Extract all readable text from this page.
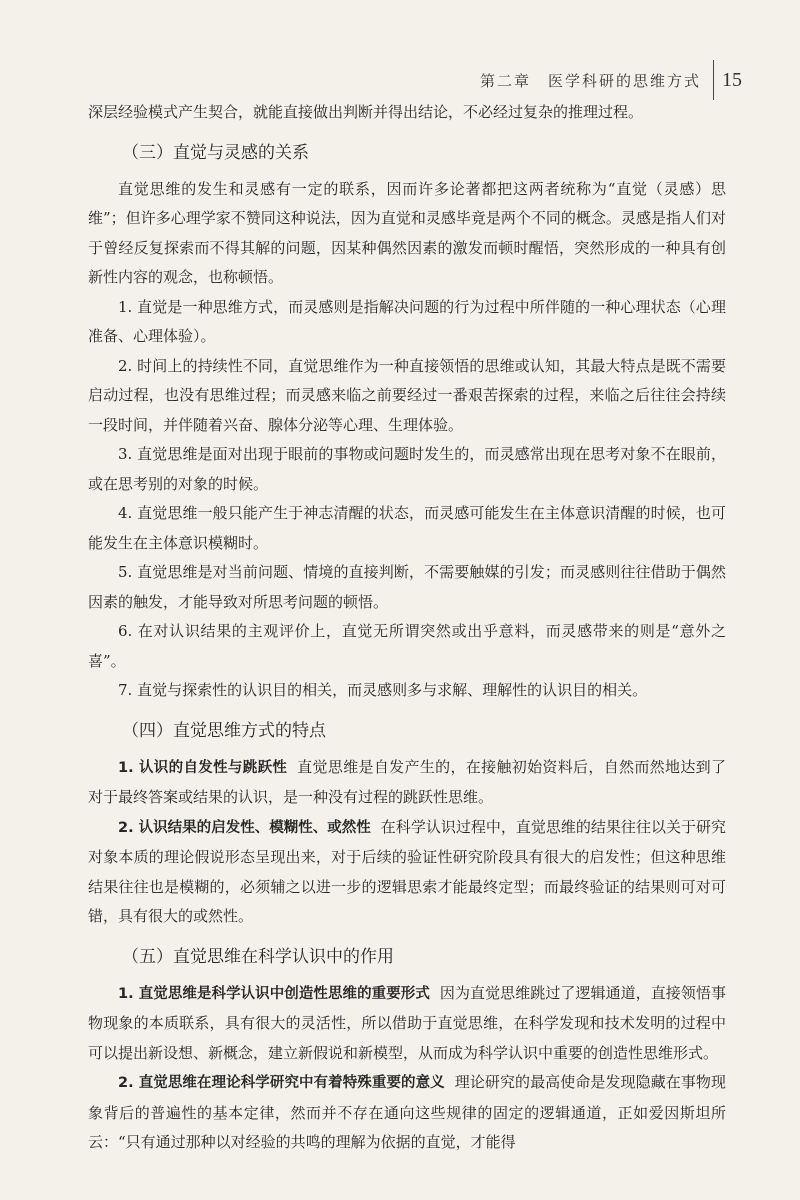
第二章　医学科研的思维方式 15

深层经验模式产生契合，就能直接做出判断并得出结论，不必经过复杂的推理过程。

（三）直觉与灵感的关系

直觉思维的发生和灵感有一定的联系，因而许多论著都把这两者统称为“直觉（灵感）思维”；但许多心理学家不赞同这种说法，因为直觉和灵感毕竟是两个不同的概念。灵感是指人们对于曾经反复探索而不得其解的问题，因某种偶然因素的激发而顿时醒悟，突然形成的一种具有创新性内容的观念，也称顿悟。

1. 直觉是一种思维方式，而灵感则是指解决问题的行为过程中所伴随的一种心理状态（心理准备、心理体验）。

2. 时间上的持续性不同，直觉思维作为一种直接领悟的思维或认知，其最大特点是既不需要启动过程，也没有思维过程；而灵感来临之前要经过一番艰苦探索的过程，来临之后往往会持续一段时间，并伴随着兴奋、腺体分泌等心理、生理体验。

3. 直觉思维是面对出现于眼前的事物或问题时发生的，而灵感常出现在思考对象不在眼前，或在思考别的对象的时候。

4. 直觉思维一般只能产生于神志清醒的状态，而灵感可能发生在主体意识清醒的时候，也可能发生在主体意识模糊时。

5. 直觉思维是对当前问题、情境的直接判断，不需要触媒的引发；而灵感则往往借助于偶然因素的触发，才能导致对所思考问题的顿悟。

6. 在对认识结果的主观评价上，直觉无所谓突然或出乎意料，而灵感带来的则是“意外之喜”。

7. 直觉与探索性的认识目的相关，而灵感则多与求解、理解性的认识目的相关。

（四）直觉思维方式的特点

1. 认识的自发性与跳跃性 直觉思维是自发产生的，在接触初始资料后，自然而然地达到了对于最终答案或结果的认识，是一种没有过程的跳跃性思维。

2. 认识结果的启发性、模糊性、或然性 在科学认识过程中，直觉思维的结果往往以关于研究对象本质的理论假说形态呈现出来，对于后续的验证性研究阶段具有很大的启发性；但这种思维结果往往也是模糊的，必须辅之以进一步的逻辑思索才能最终定型；而最终验证的结果则可对可错，具有很大的或然性。

（五）直觉思维在科学认识中的作用

1. 直觉思维是科学认识中创造性思维的重要形式 因为直觉思维跳过了逻辑通道，直接领悟事物现象的本质联系，具有很大的灵活性，所以借助于直觉思维，在科学发现和技术发明的过程中可以提出新设想、新概念，建立新假说和新模型，从而成为科学认识中重要的创造性思维形式。

2. 直觉思维在理论科学研究中有着特殊重要的意义 理论研究的最高使命是发现隐藏在事物现象背后的普遍性的基本定律，然而并不存在通向这些规律的固定的逻辑通道，正如爱因斯坦所云：“只有通过那种以对经验的共鸣的理解为依据的直觉，才能得
